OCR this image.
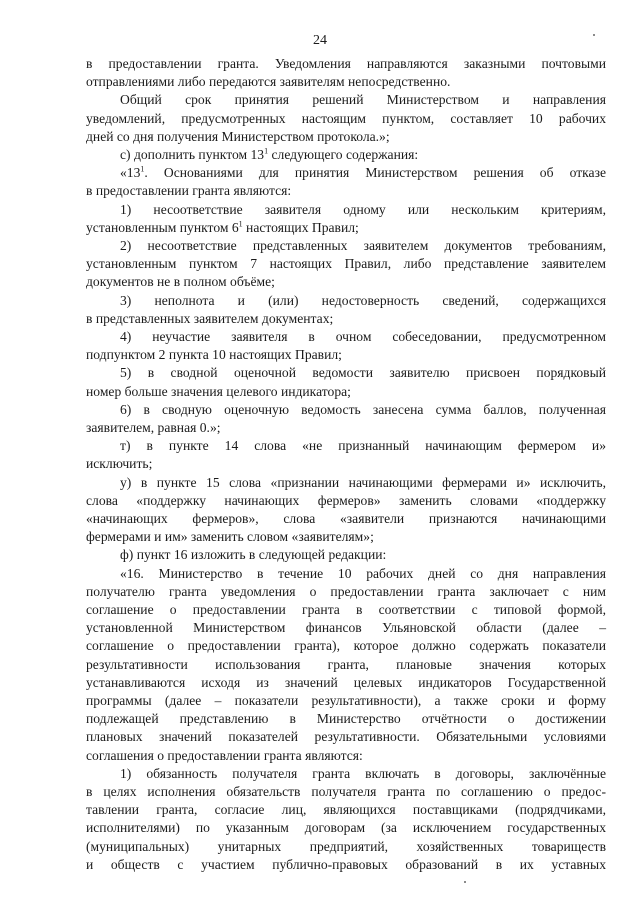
24
в предоставлении гранта. Уведомления направляются заказными почтовыми
отправлениями либо передаются заявителям непосредственно.
Общий срок принятия решений Министерством и направления
уведомлений, предусмотренных настоящим пунктом, составляет 10 рабочих
дней со дня получения Министерством протокола.»;
с) дополнить пунктом $13^1$ следующего содержания:
«$13^1$. Основаниями для принятия Министерством решения об отказе
в предоставлении гранта являются:
1) несоответствие заявителя одному или нескольким критериям,
установленным пунктом $6^1$ настоящих Правил;
2) несоответствие представленных заявителем документов требованиям,
установленным пунктом 7 настоящих Правил, либо представление заявителем
документов не в полном объёме;
3) неполнота и (или) недостоверность сведений, содержащихся
в представленных заявителем документах;
4) неучастие заявителя в очном собеседовании, предусмотренном
подпунктом 2 пункта 10 настоящих Правил;
5) в сводной оценочной ведомости заявителю присвоен порядковый
номер больше значения целевого индикатора;
6) в сводную оценочную ведомость занесена сумма баллов, полученная
заявителем, равная 0.»;
т) в пункте 14 слова «не признанный начинающим фермером и»
исключить;
у) в пункте 15 слова «признании начинающими фермерами и» исключить,
слова «поддержку начинающих фермеров» заменить словами «поддержку
«начинающих фермеров», слова «заявители признаются начинающими
фермерами и им» заменить словом «заявителям»;
ф) пункт 16 изложить в следующей редакции:
«16. Министерство в течение 10 рабочих дней со дня направления
получателю гранта уведомления о предоставлении гранта заключает с ним
соглашение о предоставлении гранта в соответствии с типовой формой,
установленной Министерством финансов Ульяновской области (далее –
соглашение о предоставлении гранта), которое должно содержать показатели
результативности использования гранта, плановые значения которых
устанавливаются исходя из значений целевых индикаторов Государственной
программы (далее – показатели результативности), а также сроки и форму
подлежащей представлению в Министерство отчётности о достижении
плановых значений показателей результативности. Обязательными условиями
соглашения о предоставлении гранта являются:
1) обязанность получателя гранта включать в договоры, заключённые
в целях исполнения обязательств получателя гранта по соглашению о предос-
тавлении гранта, согласие лиц, являющихся поставщиками (подрядчиками,
исполнителями) по указанным договорам (за исключением государственных
(муниципальных) унитарных предприятий, хозяйственных товариществ
и обществ с участием публично-правовых образований в их уставных
